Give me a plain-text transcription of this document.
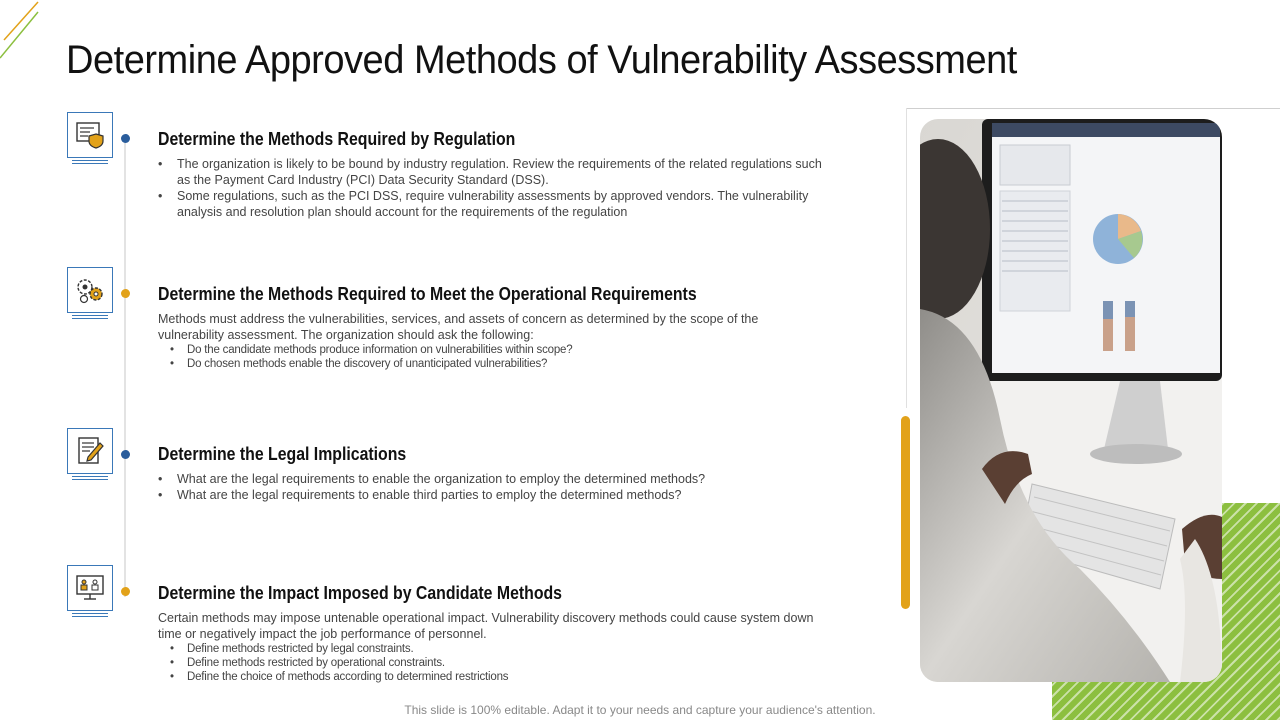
Determine Approved Methods of Vulnerability Assessment
Determine the Methods Required by Regulation
• The organization is likely to be bound by industry regulation. Review the requirements of the related regulations such as the Payment Card Industry (PCI) Data Security Standard (DSS).
• Some regulations, such as the PCI DSS, require vulnerability assessments by approved vendors. The vulnerability analysis and resolution plan should account for the requirements of the regulation
Determine the Methods Required to Meet the Operational Requirements
Methods must address the vulnerabilities, services, and assets of concern as determined by the scope of the vulnerability assessment. The organization should ask the following:
• Do the candidate methods produce information on vulnerabilities within scope?
• Do chosen methods enable the discovery of unanticipated vulnerabilities?
Determine the Legal Implications
• What are the legal requirements to enable the organization to employ the determined methods?
• What are the legal requirements to enable third parties to employ the determined methods?
Determine the Impact Imposed by Candidate Methods
Certain methods may impose untenable operational impact. Vulnerability discovery methods could cause system down time or negatively impact the job performance of personnel.
• Define methods restricted by legal constraints.
• Define methods restricted by operational constraints.
• Define the choice of methods according to determined restrictions
This slide is 100% editable. Adapt it to your needs and capture your audience's attention.
